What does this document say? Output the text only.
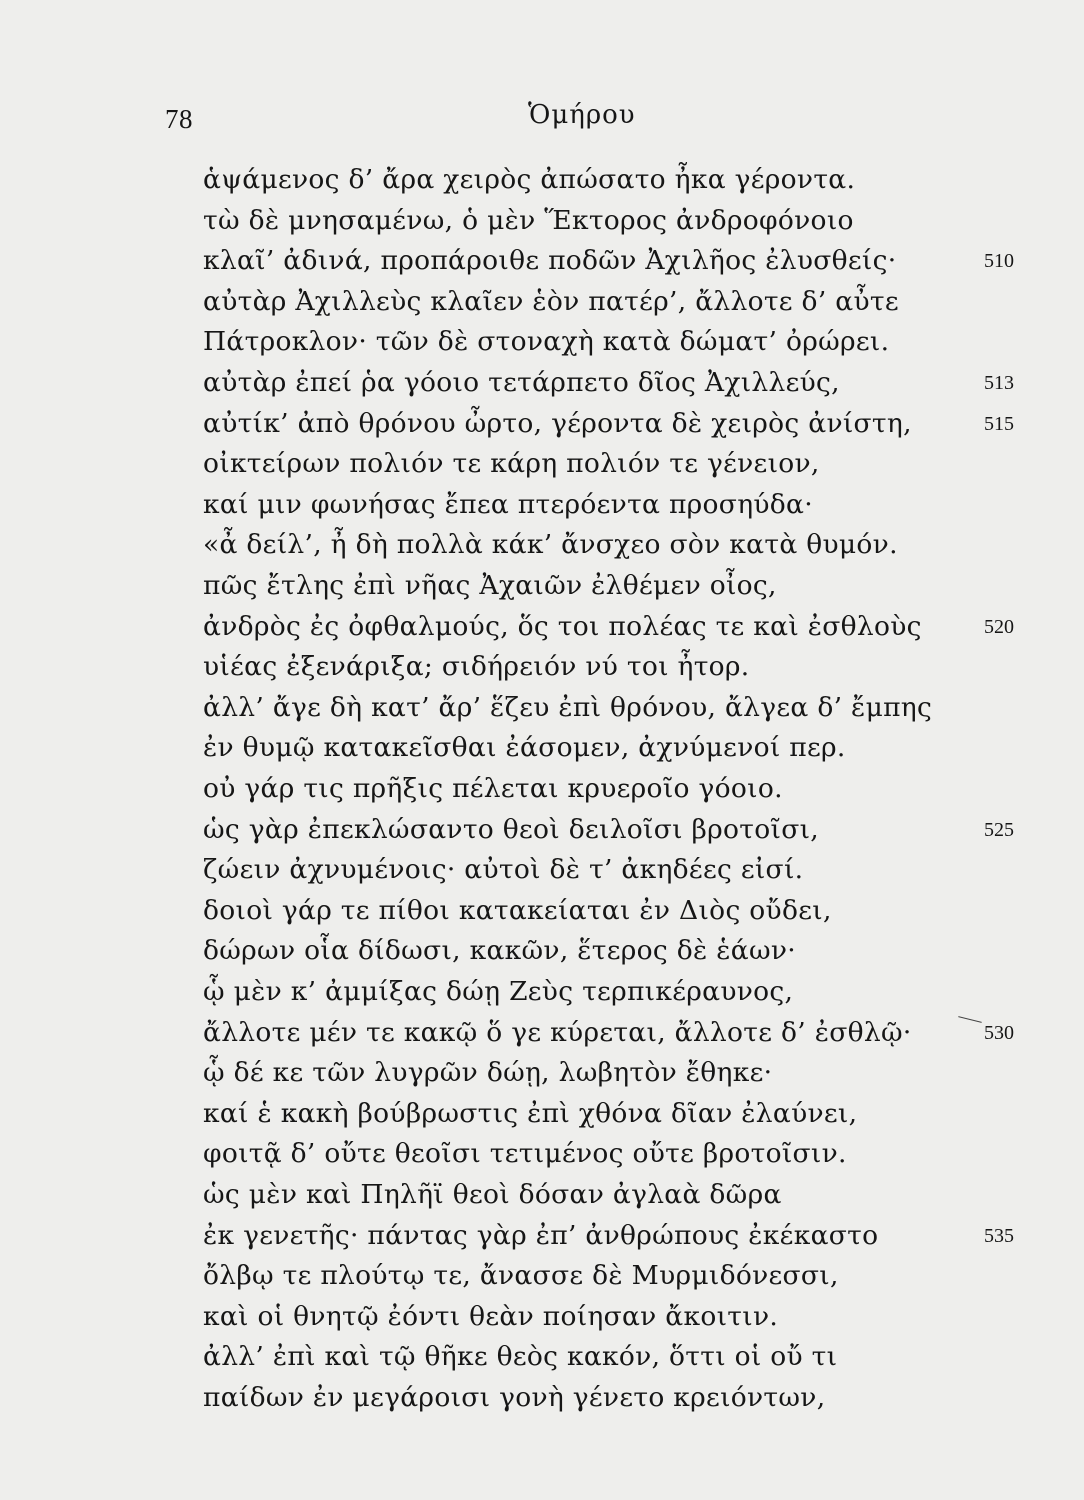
78	Ὁμήρου
ἁψάμενος δ’ ἄρα χειρὸς ἀπώσατο ἦκα γέροντα.
τὼ δὲ μνησαμένω, ὁ μὲν Ἕκτορος ἀνδροφόνοιο
κλαῖ’ ἀδινά, προπάροιθε ποδῶν Ἀχιλῆος ἐλυσθείς·
αὐτὰρ Ἀχιλλεὺς κλαῖεν ἑὸν πατέρ’, ἄλλοτε δ’ αὖτε
Πάτροκλον· τῶν δὲ στοναχὴ κατὰ δώματ’ ὀρώρει.
αὐτὰρ ἐπεί ῥα γόοιο τετάρπετο δῖος Ἀχιλλεύς,
αὐτίκ’ ἀπὸ θρόνου ὦρτο, γέροντα δὲ χειρὸς ἀνίστη,
οἰκτείρων πολιόν τε κάρη πολιόν τε γένειον,
καί μιν φωνήσας ἔπεα πτερόεντα προσηύδα·
«ἆ δείλ’, ἦ δὴ πολλὰ κάκ’ ἄνσχεο σὸν κατὰ θυμόν.
πῶς ἔτλης ἐπὶ νῆας Ἀχαιῶν ἐλθέμεν οἶος,
ἀνδρὸς ἐς ὀφθαλμούς, ὅς τοι πολέας τε καὶ ἐσθλοὺς
υἱέας ἐξενάριξα; σιδήρειόν νύ τοι ἦτορ.
ἀλλ’ ἄγε δὴ κατ’ ἄρ’ ἕζευ ἐπὶ θρόνου, ἄλγεα δ’ ἔμπης
ἐν θυμῷ κατακεῖσθαι ἐάσομεν, ἀχνύμενοί περ.
οὐ γάρ τις πρῆξις πέλεται κρυεροῖο γόοιο.
ὡς γὰρ ἐπεκλώσαντο θεοὶ δειλοῖσι βροτοῖσι,
ζώειν ἀχνυμένοις· αὐτοὶ δὲ τ’ ἀκηδέες εἰσί.
δοιοὶ γάρ τε πίθοι κατακείαται ἐν Διὸς οὔδει,
δώρων οἷα δίδωσι, κακῶν, ἕτερος δὲ ἑάων·
ᾧ μὲν κ’ ἀμμίξας δώῃ Ζεὺς τερπικέραυνος,
ἄλλοτε μέν τε κακῷ ὅ γε κύρεται, ἄλλοτε δ’ ἐσθλῷ·
ᾧ δέ κε τῶν λυγρῶν δώῃ, λωβητὸν ἔθηκε·
καί ἑ κακὴ βούβρωστις ἐπὶ χθόνα δῖαν ἐλαύνει,
φοιτᾷ δ’ οὔτε θεοῖσι τετιμένος οὔτε βροτοῖσιν.
ὡς μὲν καὶ Πηλῆϊ θεοὶ δόσαν ἀγλαὰ δῶρα
ἐκ γενετῆς· πάντας γὰρ ἐπ’ ἀνθρώπους ἐκέκαστο
ὄλβῳ τε πλούτῳ τε, ἄνασσε δὲ Μυρμιδόνεσσι,
καὶ οἱ θνητῷ ἐόντι θεὰν ποίησαν ἄκοιτιν.
ἀλλ’ ἐπὶ καὶ τῷ θῆκε θεὸς κακόν, ὅττι οἱ οὔ τι
παίδων ἐν μεγάροισι γονὴ γένετο κρειόντων,
510
513
515
520
525
530
535
